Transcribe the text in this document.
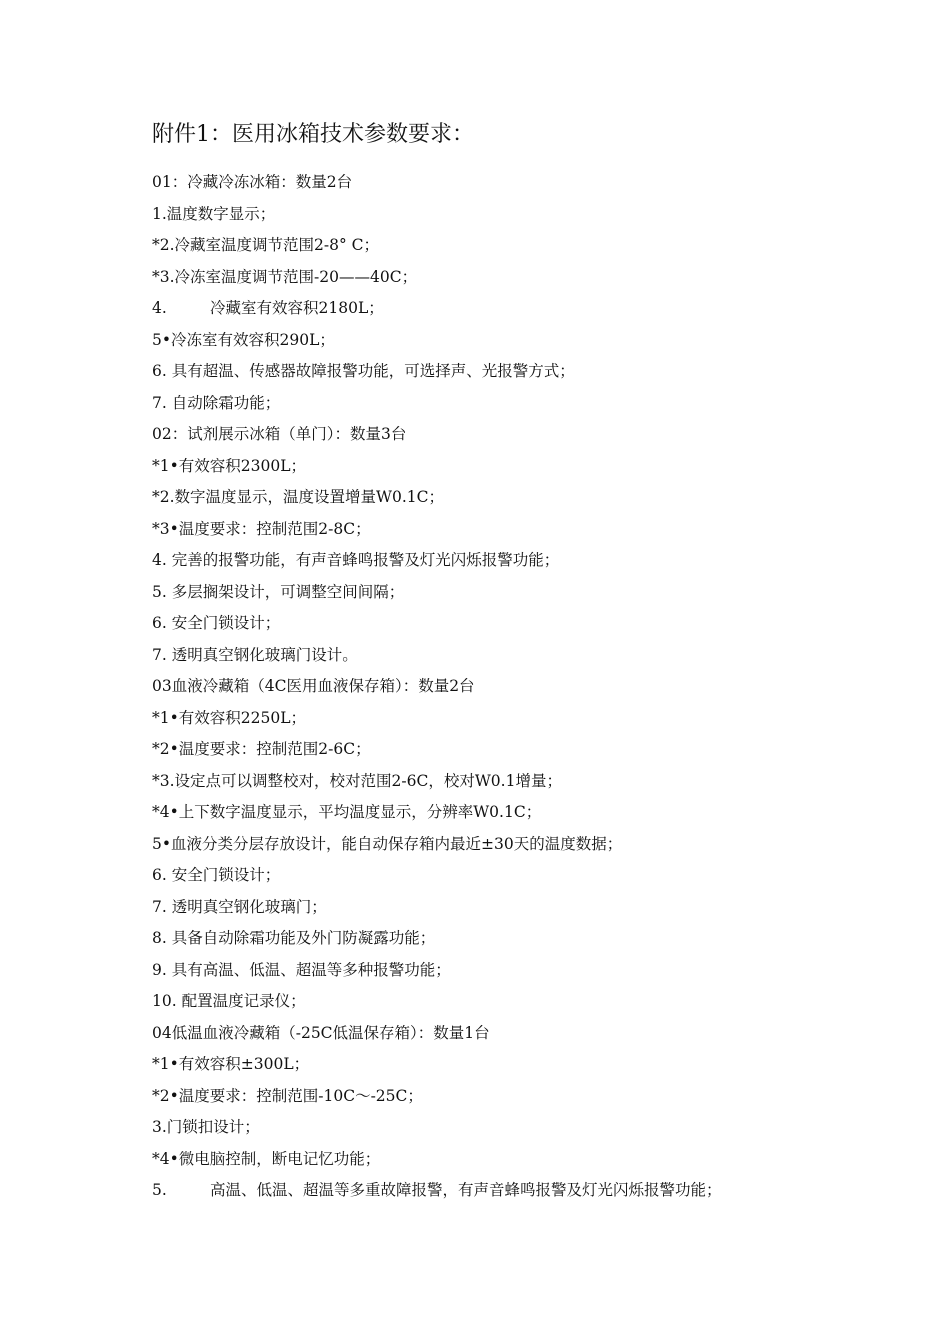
附件1：医用冰箱技术参数要求：
01：冷藏冷冻冰箱：数量2台
1.温度数字显示；
*2.冷藏室温度调节范围2-8° C；
*3.冷冻室温度调节范围-20——40C；
4.	冷藏室有效容积2180L；
5•冷冻室有效容积290L；
6. 具有超温、传感器故障报警功能，可选择声、光报警方式；
7. 自动除霜功能；
02：试剂展示冰箱（单门）：数量3台
*1•有效容积2300L；
*2.数字温度显示，温度设置增量W0.1C；
*3•温度要求：控制范围2-8C；
4. 完善的报警功能，有声音蜂鸣报警及灯光闪烁报警功能；
5. 多层搁架设计，可调整空间间隔；
6. 安全门锁设计；
7. 透明真空钢化玻璃门设计。
03血液冷藏箱（4C医用血液保存箱）：数量2台
*1•有效容积2250L；
*2•温度要求：控制范围2-6C；
*3.设定点可以调整校对，校对范围2-6C，校对W0.1增量；
*4•上下数字温度显示，平均温度显示，分辨率W0.1C；
5•血液分类分层存放设计，能自动保存箱内最近±30天的温度数据；
6. 安全门锁设计；
7. 透明真空钢化玻璃门；
8. 具备自动除霜功能及外门防凝露功能；
9. 具有高温、低温、超温等多种报警功能；
10. 配置温度记录仪；
04低温血液冷藏箱（-25C低温保存箱）：数量1台
*1•有效容积±300L；
*2•温度要求：控制范围-10C〜-25C；
3.门锁扣设计；
*4•微电脑控制，断电记忆功能；
5.	高温、低温、超温等多重故障报警，有声音蜂鸣报警及灯光闪烁报警功能；
